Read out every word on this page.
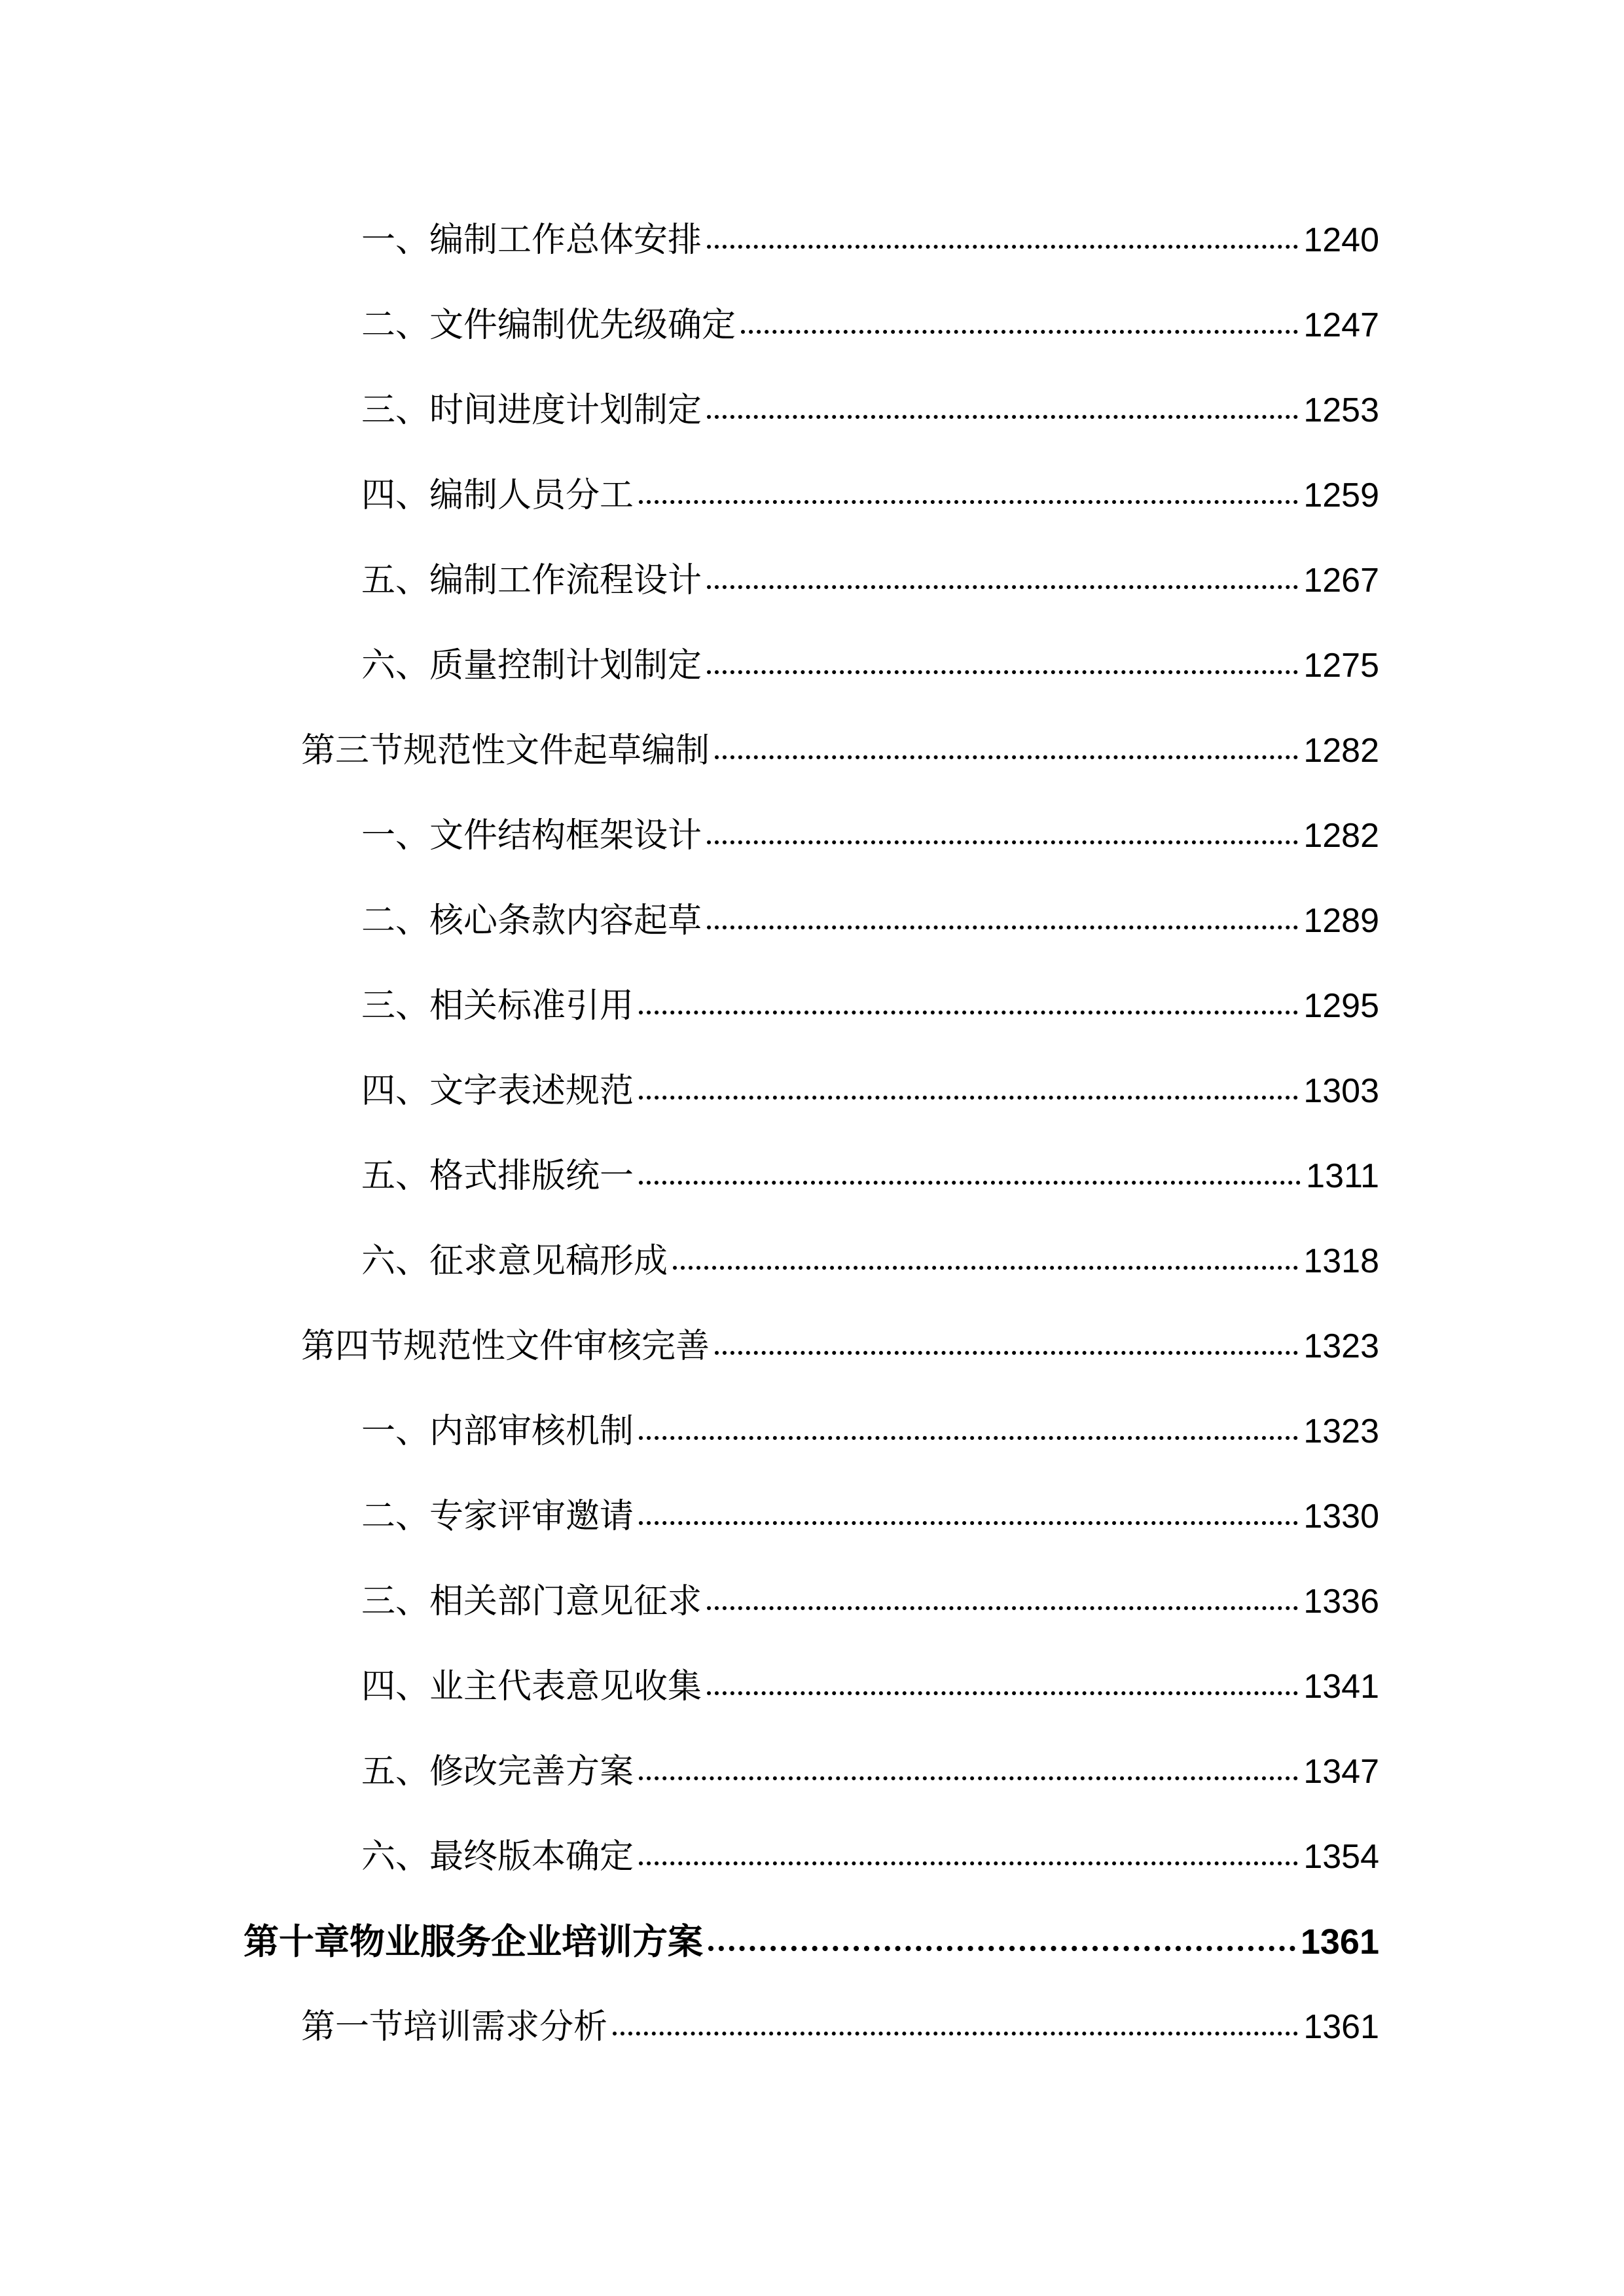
一、编制工作总体安排	1240
二、文件编制优先级确定	1247
三、时间进度计划制定	1253
四、编制人员分工	1259
五、编制工作流程设计	1267
六、质量控制计划制定	1275
第三节规范性文件起草编制	1282
一、文件结构框架设计	1282
二、核心条款内容起草	1289
三、相关标准引用	1295
四、文字表述规范	1303
五、格式排版统一	1311
六、征求意见稿形成	1318
第四节规范性文件审核完善	1323
一、内部审核机制	1323
二、专家评审邀请	1330
三、相关部门意见征求	1336
四、业主代表意见收集	1341
五、修改完善方案	1347
六、最终版本确定	1354
第十章物业服务企业培训方案	1361
第一节培训需求分析	1361
